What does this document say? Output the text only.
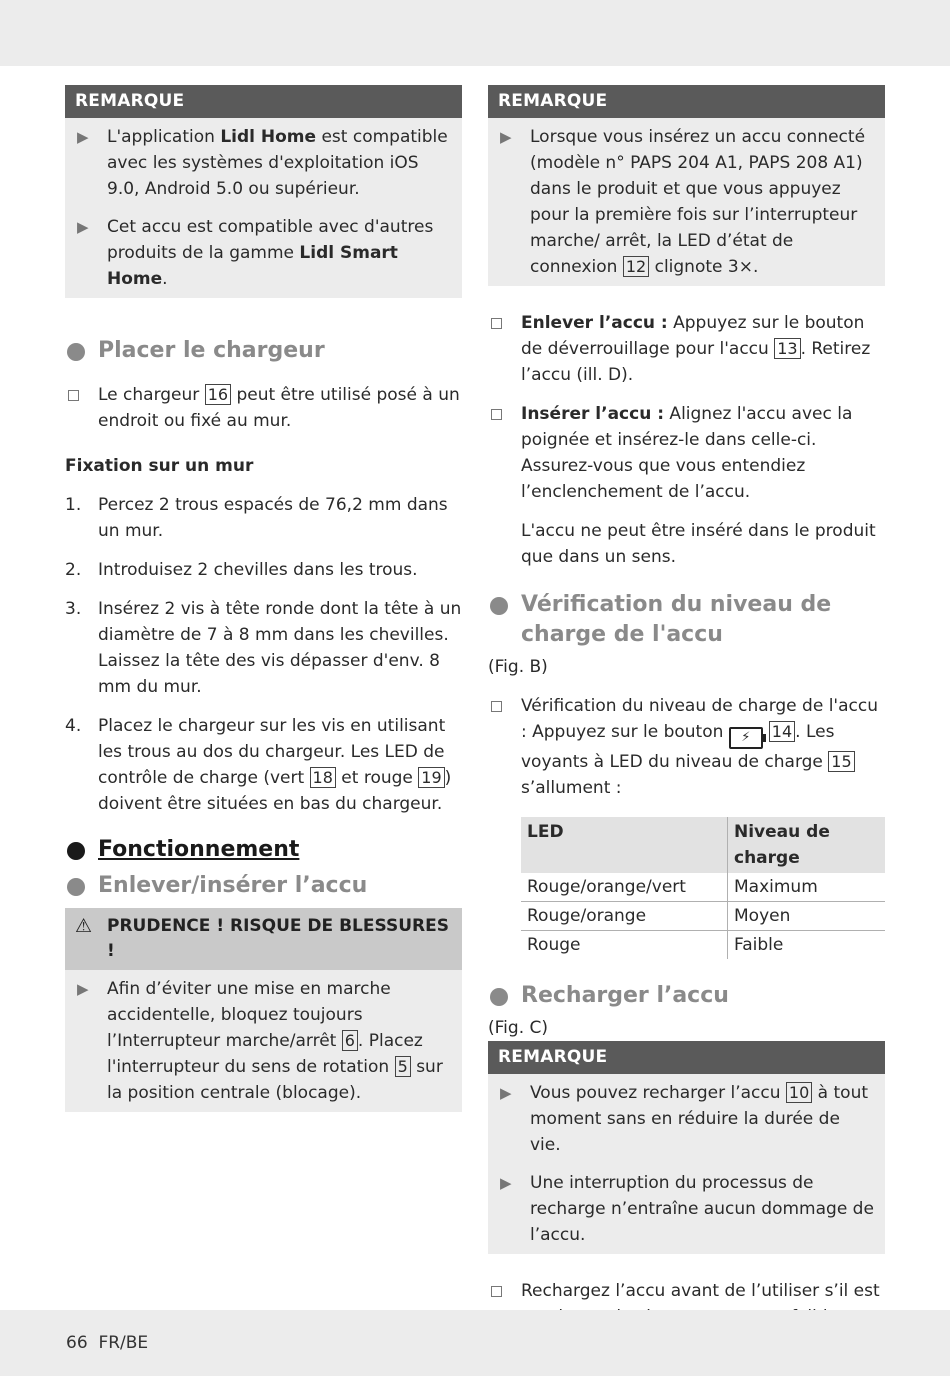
REMARQUE
▶ L'application Lidl Home est compatible avec les systèmes d'exploitation iOS 9.0, Android 5.0 ou supérieur.
▶ Cet accu est compatible avec d'autres produits de la gamme Lidl Smart Home.
Placer le chargeur
Le chargeur 16 peut être utilisé posé à un endroit ou fixé au mur.
Fixation sur un mur
1. Percez 2 trous espacés de 76,2 mm dans un mur.
2. Introduisez 2 chevilles dans les trous.
3. Insérez 2 vis à tête ronde dont la tête à un diamètre de 7 à 8 mm dans les chevilles. Laissez la tête des vis dépasser d'env. 8 mm du mur.
4. Placez le chargeur sur les vis en utilisant les trous au dos du chargeur. Les LED de contrôle de charge (vert 18 et rouge 19 ) doivent être situées en bas du chargeur.
Fonctionnement
Enlever/insérer l’accu
⚠ PRUDENCE ! RISQUE DE BLESSURES !
▶ Afin d’éviter une mise en marche accidentelle, bloquez toujours l’Interrupteur marche/arrêt 6 . Placez l'interrupteur du sens de rotation 5 sur la position centrale (blocage).
REMARQUE
▶ Lorsque vous insérez un accu connecté (modèle n° PAPS 204 A1, PAPS 208 A1) dans le produit et que vous appuyez pour la première fois sur l’interrupteur marche/ arrêt, la LED d’état de connexion 12 clignote 3×.
Enlever l’accu : Appuyez sur le bouton de déverrouillage pour l'accu 13 . Retirez l’accu (ill. D).
Insérer l’accu : Alignez l'accu avec la poignée et insérez-le dans celle-ci. Assurez-vous que vous entendiez l’enclenchement de l’accu.
L'accu ne peut être inséré dans le produit que dans un sens.
Vérification du niveau de charge de l'accu
(Fig. B)
Vérification du niveau de charge de l'accu : Appuyez sur le bouton ⚡ 14 . Les voyants à LED du niveau de charge 15 s’allument :
LED	Niveau de charge
Rouge/orange/vert	Maximum
Rouge/orange	Moyen
Rouge	Faible
Recharger l’accu
(Fig. C)
REMARQUE
▶ Vous pouvez recharger l’accu 10 à tout moment sans en réduire la durée de vie.
▶ Une interruption du processus de recharge n’entraîne aucun dommage de l’accu.
Rechargez l’accu avant de l’utiliser s’il est
66 FR/BE
